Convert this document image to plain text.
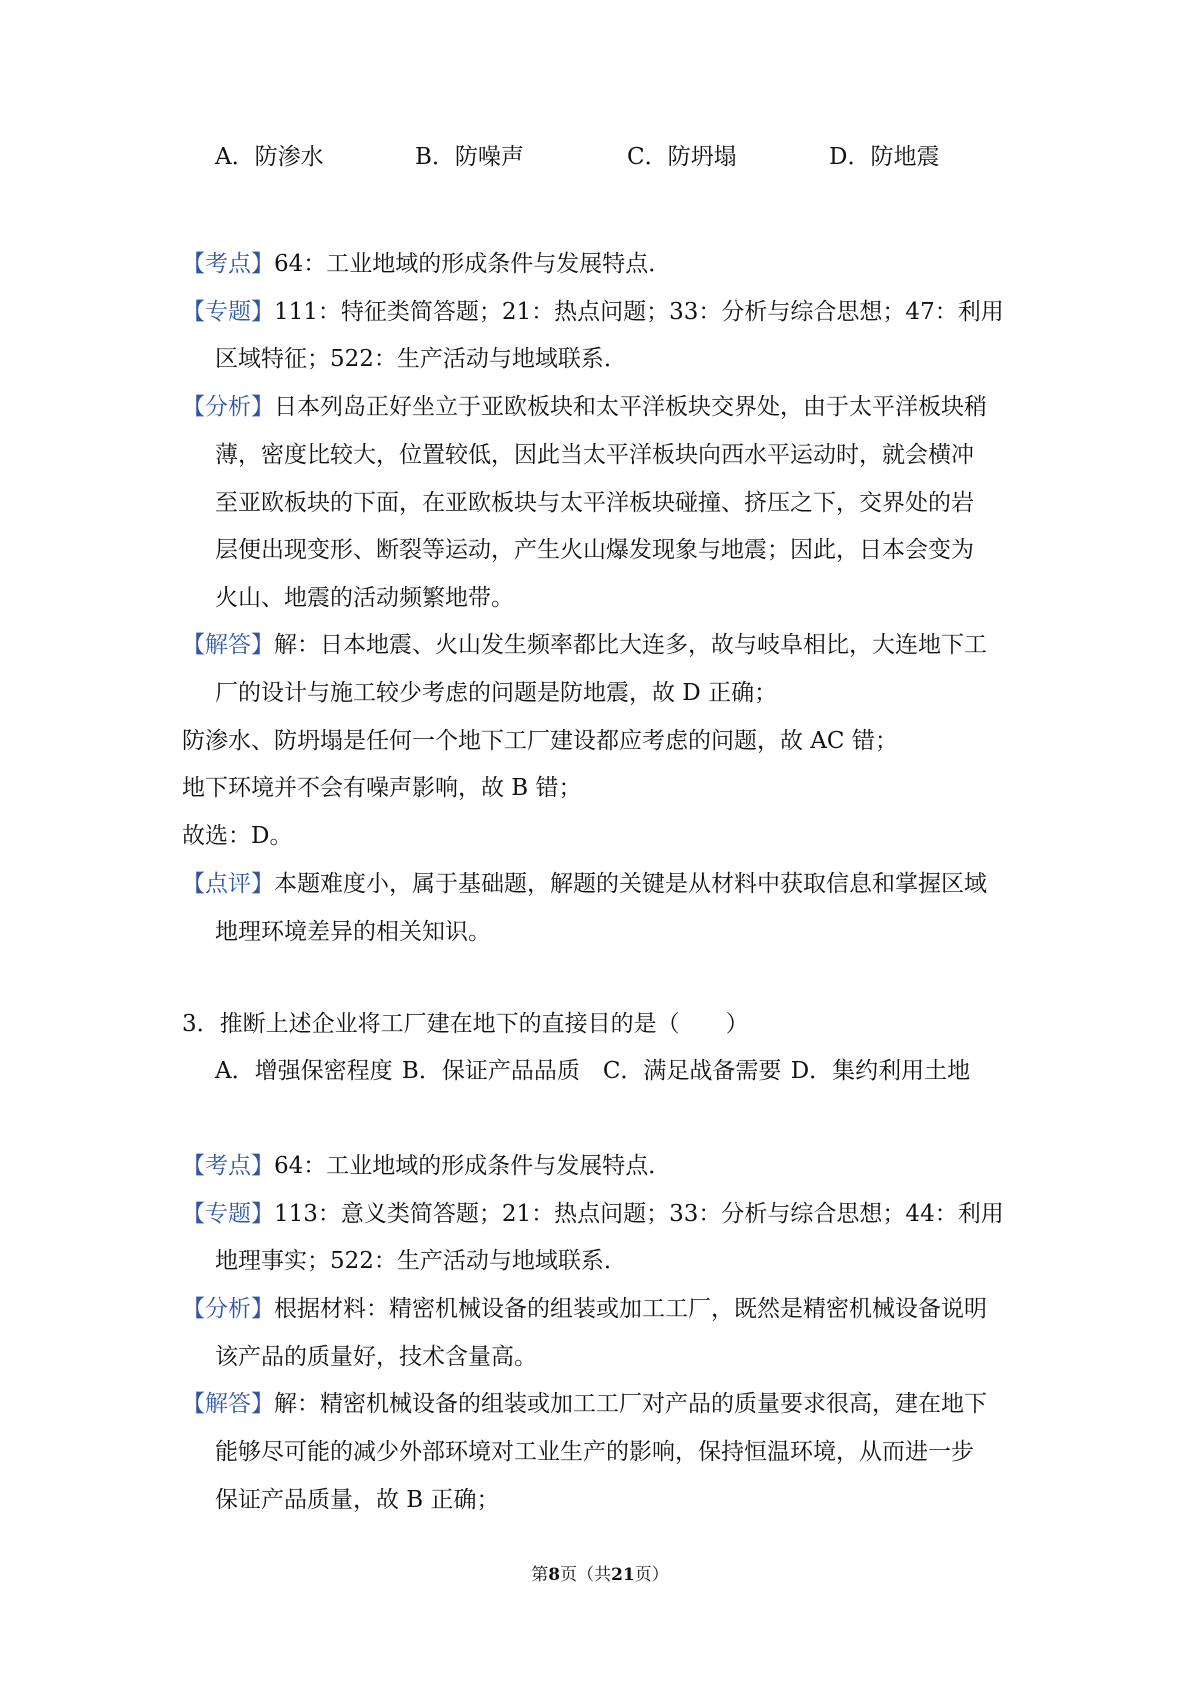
A．防渗水	B．防噪声	C．防坍塌	D．防地震
【考点】64：工业地域的形成条件与发展特点．
【专题】111：特征类简答题；21：热点问题；33：分析与综合思想；47：利用
区域特征；522：生产活动与地域联系．
【分析】日本列岛正好坐立于亚欧板块和太平洋板块交界处，由于太平洋板块稍
薄，密度比较大，位置较低，因此当太平洋板块向西水平运动时，就会横冲
至亚欧板块的下面，在亚欧板块与太平洋板块碰撞、挤压之下，交界处的岩
层便出现变形、断裂等运动，产生火山爆发现象与地震；因此，日本会变为
火山、地震的活动频繁地带。
【解答】解：日本地震、火山发生频率都比大连多，故与岐阜相比，大连地下工
厂的设计与施工较少考虑的问题是防地震，故 D 正确；
防渗水、防坍塌是任何一个地下工厂建设都应考虑的问题，故 AC 错；
地下环境并不会有噪声影响，故 B 错；
故选：D。
【点评】本题难度小，属于基础题，解题的关键是从材料中获取信息和掌握区域
地理环境差异的相关知识。
3．推断上述企业将工厂建在地下的直接目的是（　　）
A．增强保密程度 B．保证产品品质　C．满足战备需要 D．集约利用土地
【考点】64：工业地域的形成条件与发展特点．
【专题】113：意义类简答题；21：热点问题；33：分析与综合思想；44：利用
地理事实；522：生产活动与地域联系．
【分析】根据材料：精密机械设备的组装或加工工厂，既然是精密机械设备说明
该产品的质量好，技术含量高。
【解答】解：精密机械设备的组装或加工工厂对产品的质量要求很高，建在地下
能够尽可能的减少外部环境对工业生产的影响，保持恒温环境，从而进一步
保证产品质量，故 B 正确；
第8页（共21页）
